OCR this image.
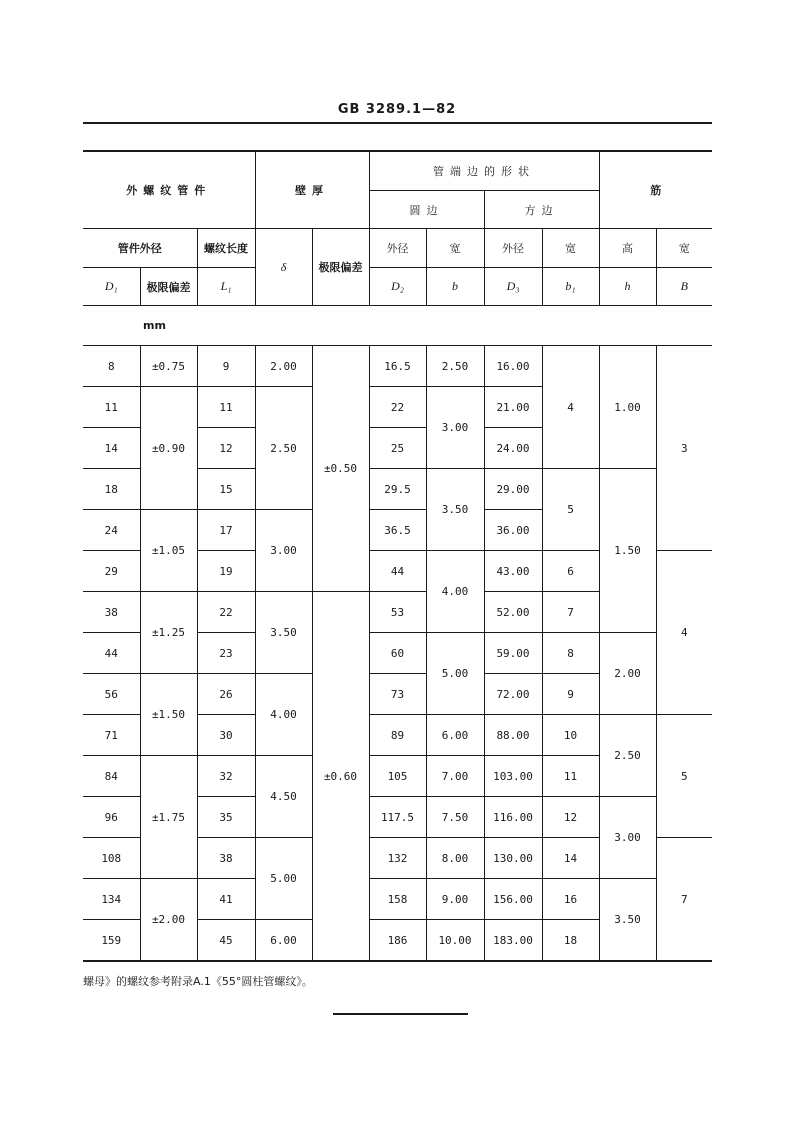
GB 3289.1—82
外螺纹管件			壁厚		管端边的形状				筋	
					圆边		方边			
管件外径		螺纹长度	δ	极限偏差	外径	宽	外径	宽	高	宽
D₁	极限偏差	L₁			D₂	b	D₃	b₁	h	B
mm										
8	±0.75	9	2.00	±0.50	16.5	2.50	16.00	4	1.00	3
11	±0.90	11	2.50		22	3.00	21.00			
14		12			25		24.00			
18		15			29.5	3.50	29.00	5	1.50	
24	±1.05	17	3.00		36.5		36.00			
29		19			44	4.00	43.00	6		4
38	±1.25	22	3.50	±0.60	53		52.00	7		
44		23			60	5.00	59.00	8	2.00	
56	±1.50	26	4.00		73		72.00	9		
71		30			89	6.00	88.00	10	2.50	5
84	±1.75	32	4.50		105	7.00	103.00	11		
96		35			117.5	7.50	116.00	12	3.00	
108		38	5.00		132	8.00	130.00	14		7
134	±2.00	41			158	9.00	156.00	16	3.50	
159		45	6.00		186	10.00	183.00	18		
螺母》的螺纹参考附录A.1《55°圆柱管螺纹》。
